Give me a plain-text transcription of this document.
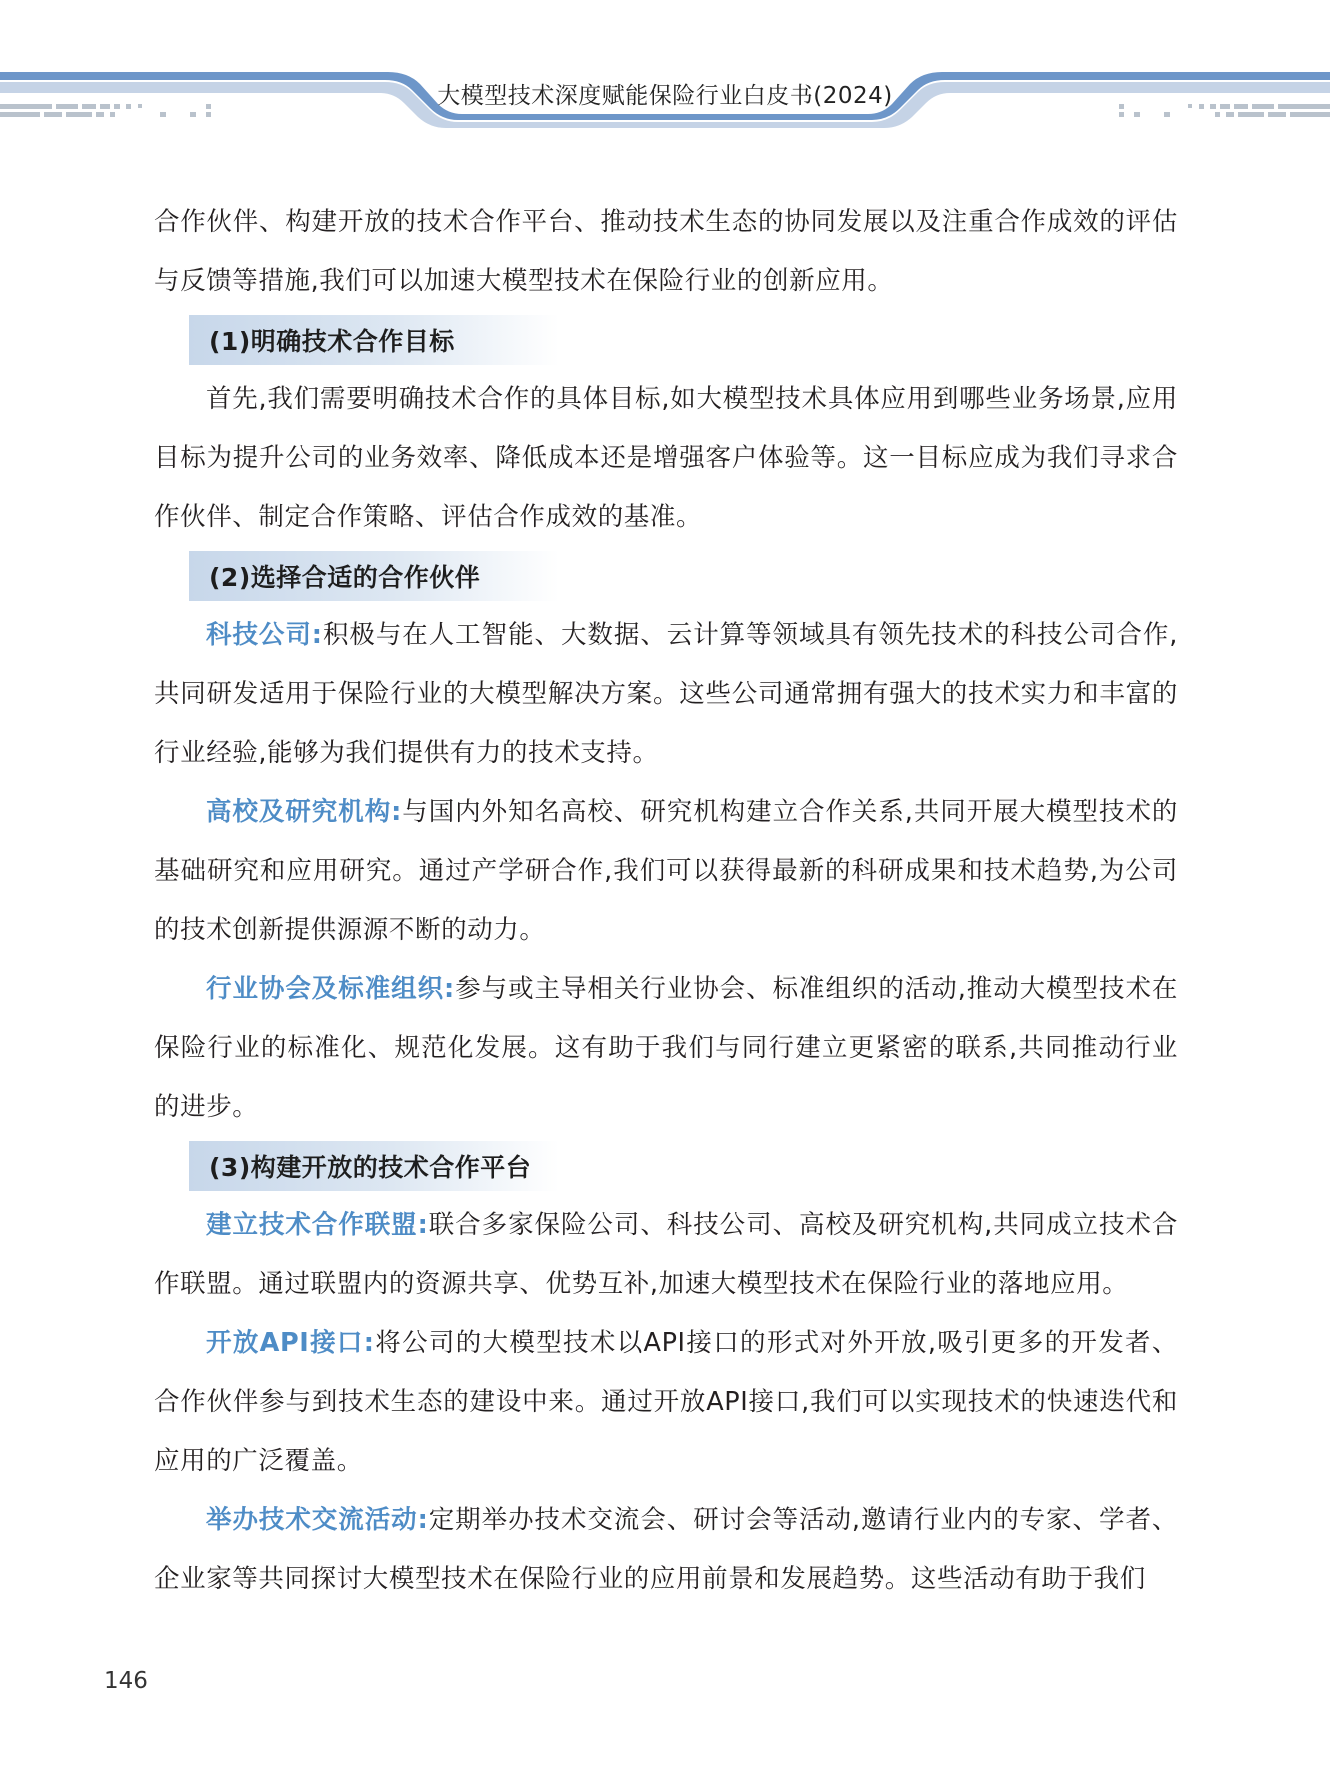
大模型技术深度赋能保险行业白皮书(2024)

合作伙伴、构建开放的技术合作平台、推动技术生态的协同发展以及注重合作成效的评估与反馈等措施,我们可以加速大模型技术在保险行业的创新应用。

(1)明确技术合作目标

首先,我们需要明确技术合作的具体目标,如大模型技术具体应用到哪些业务场景,应用目标为提升公司的业务效率、降低成本还是增强客户体验等。这一目标应成为我们寻求合作伙伴、制定合作策略、评估合作成效的基准。

(2)选择合适的合作伙伴

科技公司:积极与在人工智能、大数据、云计算等领域具有领先技术的科技公司合作,共同研发适用于保险行业的大模型解决方案。这些公司通常拥有强大的技术实力和丰富的行业经验,能够为我们提供有力的技术支持。

高校及研究机构:与国内外知名高校、研究机构建立合作关系,共同开展大模型技术的基础研究和应用研究。通过产学研合作,我们可以获得最新的科研成果和技术趋势,为公司的技术创新提供源源不断的动力。

行业协会及标准组织:参与或主导相关行业协会、标准组织的活动,推动大模型技术在保险行业的标准化、规范化发展。这有助于我们与同行建立更紧密的联系,共同推动行业的进步。

(3)构建开放的技术合作平台

建立技术合作联盟:联合多家保险公司、科技公司、高校及研究机构,共同成立技术合作联盟。通过联盟内的资源共享、优势互补,加速大模型技术在保险行业的落地应用。

开放API接口:将公司的大模型技术以API接口的形式对外开放,吸引更多的开发者、合作伙伴参与到技术生态的建设中来。通过开放API接口,我们可以实现技术的快速迭代和应用的广泛覆盖。

举办技术交流活动:定期举办技术交流会、研讨会等活动,邀请行业内的专家、学者、企业家等共同探讨大模型技术在保险行业的应用前景和发展趋势。这些活动有助于我们

146
